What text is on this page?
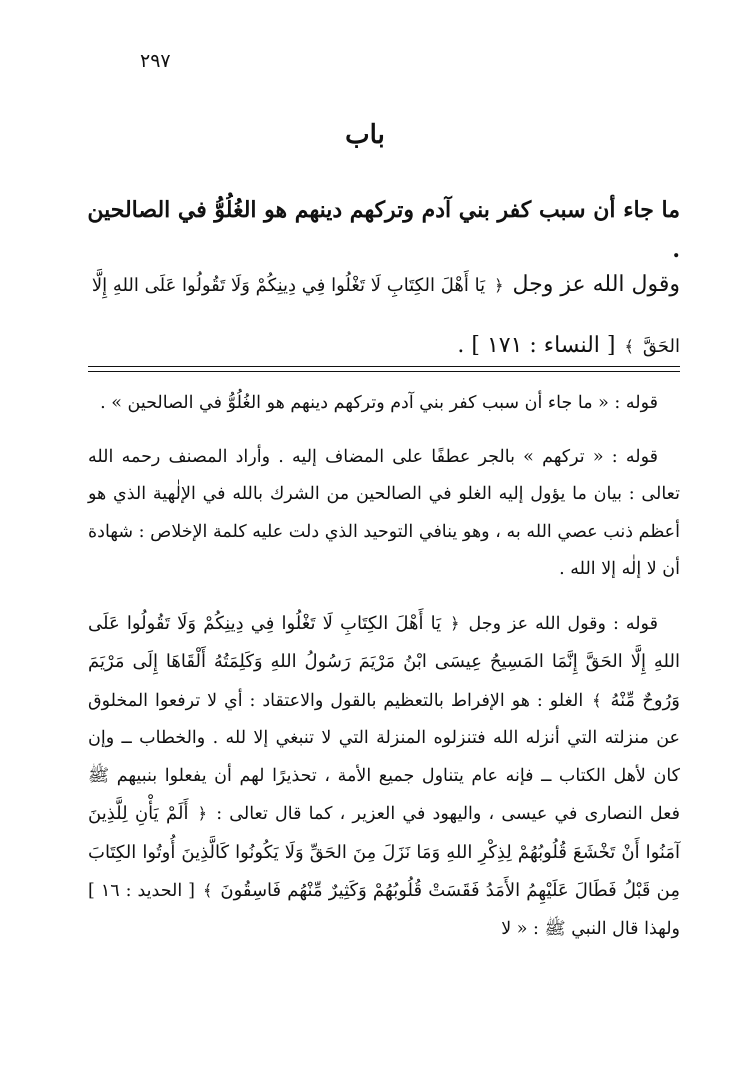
٢٩٧
باب
ما جاء أن سبب كفر بني آدم وتركهم دينهم هو الغُلُوُّ في الصالحين .
وقول الله عز وجل ﴿ يَا أَهْلَ الكِتَابِ لَا تَغْلُوا فِي دِينِكُمْ وَلَا تَقُولُوا عَلَى اللهِ إِلَّا الحَقَّ ﴾ [ النساء : ١٧١ ] .

قوله : « ما جاء أن سبب كفر بني آدم وتركهم دينهم هو الغُلُوُّ في الصالحين » .

قوله : « تركهم » بالجر عطفًا على المضاف إليه . وأراد المصنف رحمه الله تعالى : بيان ما يؤول إليه الغلو في الصالحين من الشرك بالله في الإلٰهية الذي هو أعظم ذنب عصي الله به ، وهو ينافي التوحيد الذي دلت عليه كلمة الإخلاص : شهادة أن لا إلٰه إلا الله .

قوله : وقول الله عز وجل ﴿ يَا أَهْلَ الكِتَابِ لَا تَغْلُوا فِي دِينِكُمْ وَلَا تَقُولُوا عَلَى اللهِ إِلَّا الحَقَّ إِنَّمَا المَسِيحُ عِيسَى ابْنُ مَرْيَمَ رَسُولُ اللهِ وَكَلِمَتُهُ أَلْقَاهَا إِلَى مَرْيَمَ وَرُوحٌ مِّنْهُ ﴾ الغلو : هو الإفراط بالتعظيم بالقول والاعتقاد : أي لا ترفعوا المخلوق عن منزلته التي أنزله الله فتنزلوه المنزلة التي لا تنبغي إلا لله . والخطاب ــ وإن كان لأهل الكتاب ــ فإنه عام يتناول جميع الأمة ، تحذيرًا لهم أن يفعلوا بنبيهم ﷺ فعل النصارى في عيسى ، واليهود في العزير ، كما قال تعالى : ﴿ أَلَمْ يَأْنِ لِلَّذِينَ آمَنُوا أَنْ تَخْشَعَ قُلُوبُهُمْ لِذِكْرِ اللهِ وَمَا نَزَلَ مِنَ الحَقِّ وَلَا يَكُونُوا كَالَّذِينَ أُوتُوا الكِتَابَ مِن قَبْلُ فَطَالَ عَلَيْهِمُ الأَمَدُ فَقَسَتْ قُلُوبُهُمْ وَكَثِيرٌ مِّنْهُم فَاسِقُونَ ﴾ [ الحديد : ١٦ ] ولهذا قال النبي ﷺ : « لا
